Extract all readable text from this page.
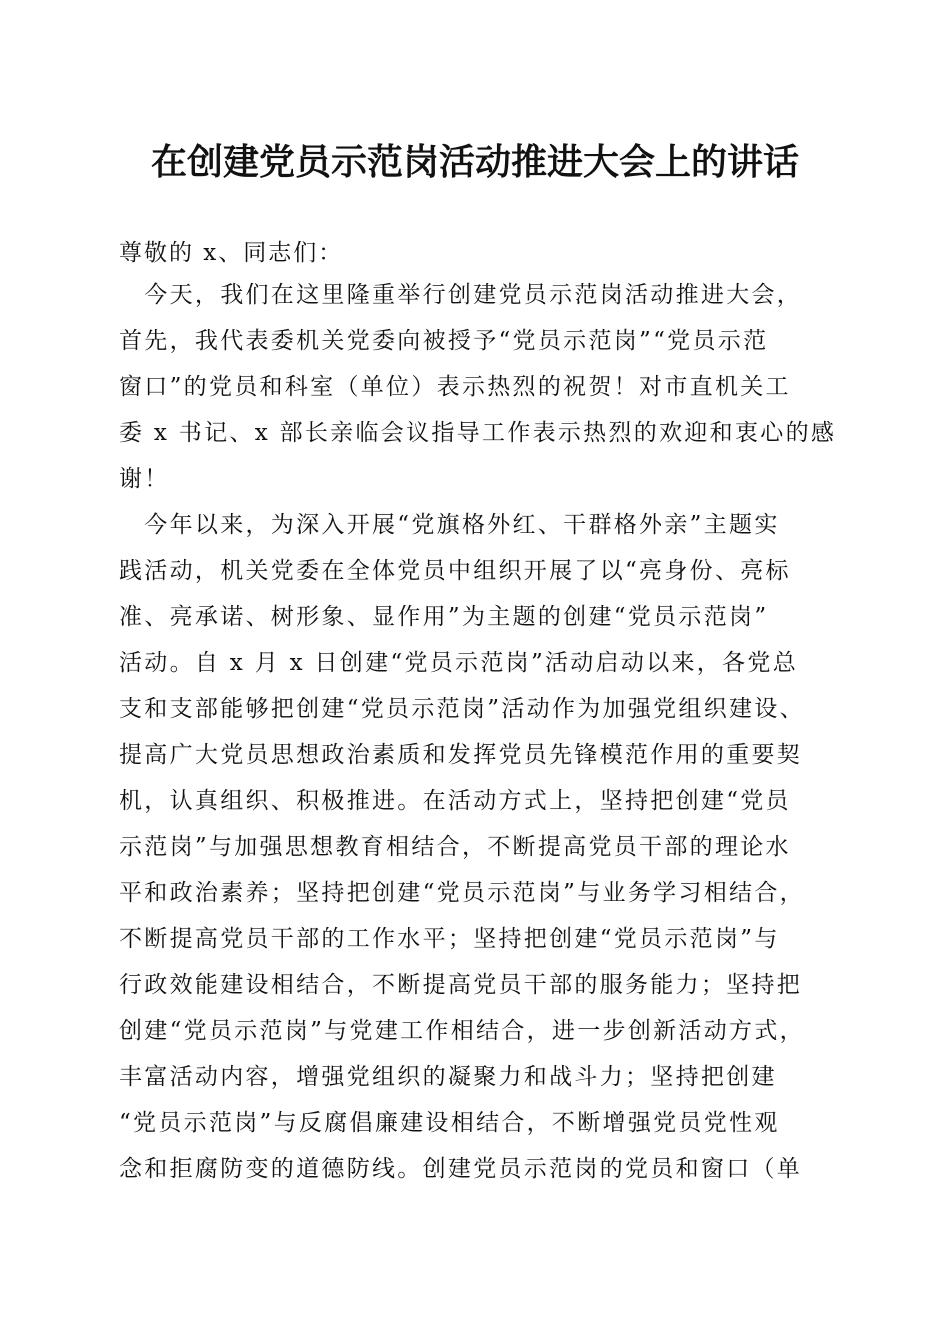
在创建党员示范岗活动推进大会上的讲话

尊敬的 x、同志们：

　今天，我们在这里隆重举行创建党员示范岗活动推进大会，

首先，我代表委机关党委向被授予“党员示范岗”“党员示范

窗口”的党员和科室（单位）表示热烈的祝贺！对市直机关工

委 x 书记、x 部长亲临会议指导工作表示热烈的欢迎和衷心的感

谢！

　今年以来，为深入开展“党旗格外红、干群格外亲”主题实

践活动，机关党委在全体党员中组织开展了以“亮身份、亮标

准、亮承诺、树形象、显作用”为主题的创建“党员示范岗”

活动。自 x 月 x 日创建“党员示范岗”活动启动以来，各党总

支和支部能够把创建“党员示范岗”活动作为加强党组织建设、

提高广大党员思想政治素质和发挥党员先锋模范作用的重要契

机，认真组织、积极推进。在活动方式上，坚持把创建“党员

示范岗”与加强思想教育相结合，不断提高党员干部的理论水

平和政治素养；坚持把创建“党员示范岗”与业务学习相结合，

不断提高党员干部的工作水平；坚持把创建“党员示范岗”与

行政效能建设相结合，不断提高党员干部的服务能力；坚持把

创建“党员示范岗”与党建工作相结合，进一步创新活动方式，

丰富活动内容，增强党组织的凝聚力和战斗力；坚持把创建

“党员示范岗”与反腐倡廉建设相结合，不断增强党员党性观

念和拒腐防变的道德防线。创建党员示范岗的党员和窗口（单
